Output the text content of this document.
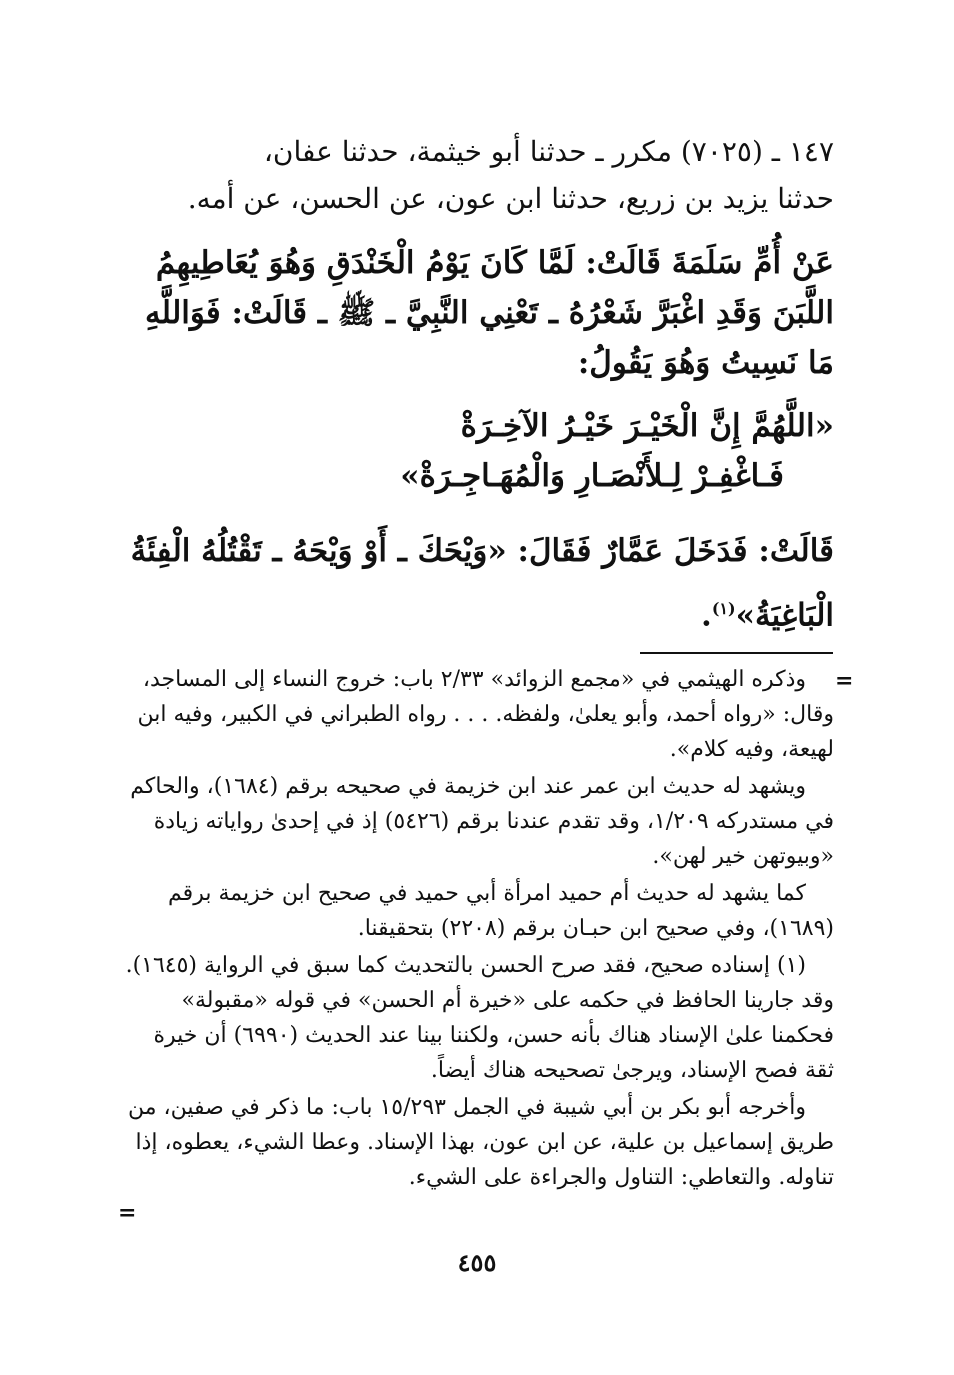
١٤٧ ـ (٧٠٢٥) مكرر ـ حدثنا أبو خيثمة، حدثنا عفان،
حدثنا يزيد بن زريع، حدثنا ابن عون، عن الحسن، عن أمه.

عَنْ أُمِّ سَلَمَةَ قَالَتْ: لَمَّا كَانَ يَوْمُ الْخَنْدَقِ وَهُوَ يُعَاطِيهِمُ اللَّبَنَ وَقَدِ اغْبَرَّ شَعْرُهُ ـ تَعْنِي النَّبِيَّ ـ ﷺ ـ قَالَتْ: فَوَاللَّهِ مَا نَسِيتُ وَهُوَ يَقُولُ:

«اللَّهُمَّ إِنَّ الْخَيْـرَ خَيْـرُ الآخِـرَةْ
فَـاغْفِـرْ لِـلأَنْصَـارِ وَالْمُهَـاجِـرَةْ»

قَالَتْ: فَدَخَلَ عَمَّارٌ فَقَالَ: «وَيْحَكَ ـ أَوْ وَيْحَهُ ـ تَقْتُلُهُ الْفِئَةُ الْبَاغِيَةُ»$^{(١)}$.

=

وذكره الهيثمي في «مجمع الزوائد» ٢/٣٣ باب: خروج النساء إلى المساجد، وقال: «رواه أحمد، وأبو يعلىٰ، ولفظه. . . . رواه الطبراني في الكبير، وفيه ابن لهيعة، وفيه كلام».

ويشهد له حديث ابن عمر عند ابن خزيمة في صحيحه برقم (١٦٨٤)، والحاكم في مستدركه ١/٢٠٩، وقد تقدم عندنا برقم (٥٤٢٦) إذ في إحدىٰ رواياته زيادة «وبيوتهن خير لهن».

كما يشهد له حديث أم حميد امرأة أبي حميد في صحيح ابن خزيمة برقم (١٦٨٩)، وفي صحيح ابن حبـان برقم (٢٢٠٨) بتحقيقنا.

(١) إسناده صحيح، فقد صرح الحسن بالتحديث كما سبق في الرواية (١٦٤٥). وقد جارينا الحافظ في حكمه على «خيرة أم الحسن» في قوله «مقبولة» فحكمنا علىٰ الإسناد هناك بأنه حسن، ولكننا بينا عند الحديث (٦٩٩٠) أن خيرة ثقة فصح الإسناد، ويرجىٰ تصحيحه هناك أيضاً.

وأخرجه أبو بكر بن أبي شيبة في الجمل ١٥/٢٩٣ باب: ما ذكر في صفين، من طريق إسماعيل بن علية، عن ابن عون، بهذا الإسناد. وعطا الشيء، يعطوه، إذا تناوله. والتعاطي: التناول والجراءة على الشيء.

=
٤٥٥
